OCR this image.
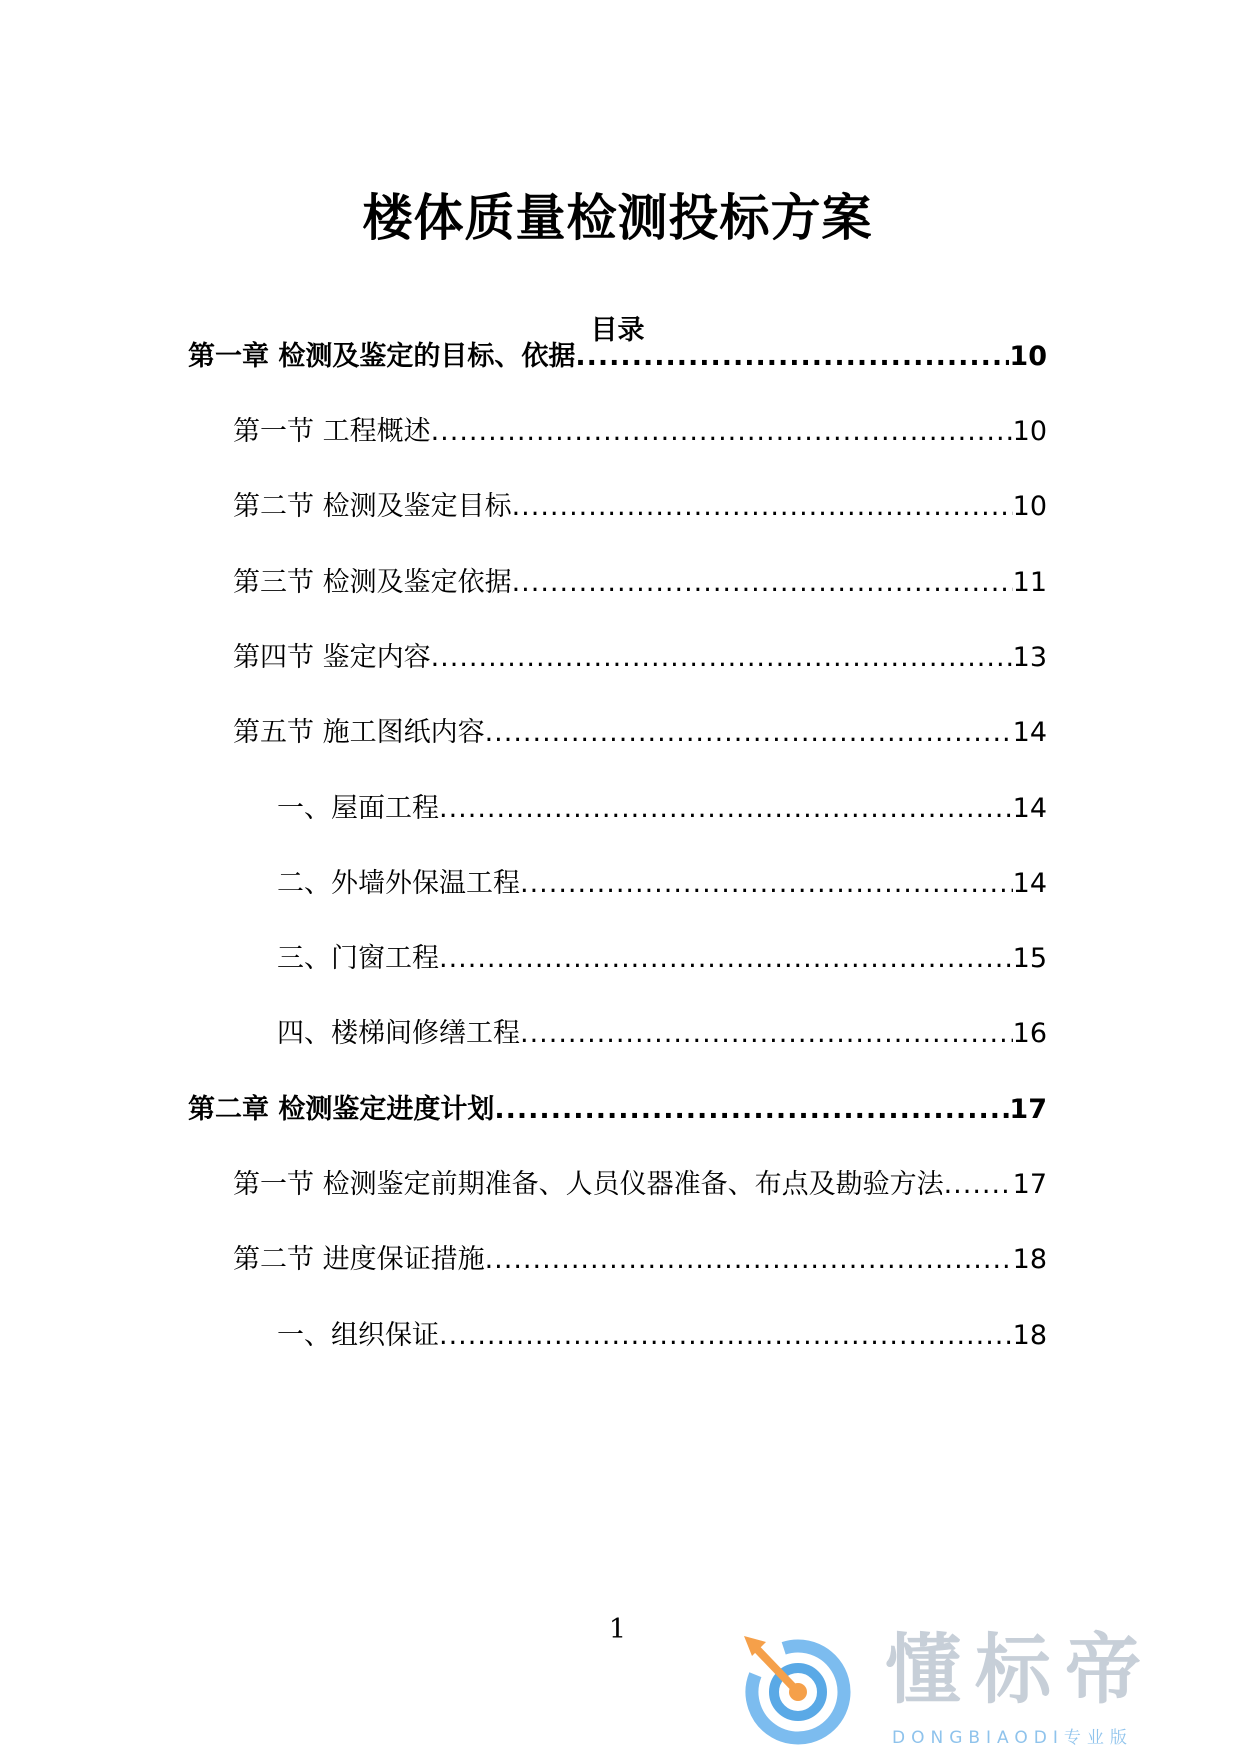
楼体质量检测投标方案
目录
第一章 检测及鉴定的目标、依据 .....	10
第一节 工程概述 .....	10
第二节 检测及鉴定目标 .....	10
第三节 检测及鉴定依据 .....	11
第四节 鉴定内容 .....	13
第五节 施工图纸内容 .....	14
一、屋面工程 .....	14
二、外墙外保温工程 .....	14
三、门窗工程 .....	15
四、楼梯间修缮工程 .....	16
第二章 检测鉴定进度计划 .....	17
第一节 检测鉴定前期准备、人员仪器准备、布点及勘验方法 .....	17
第二节 进度保证措施 .....	18
一、组织保证 .....	18
1	懂标帝
DONGBIAODI专业版
